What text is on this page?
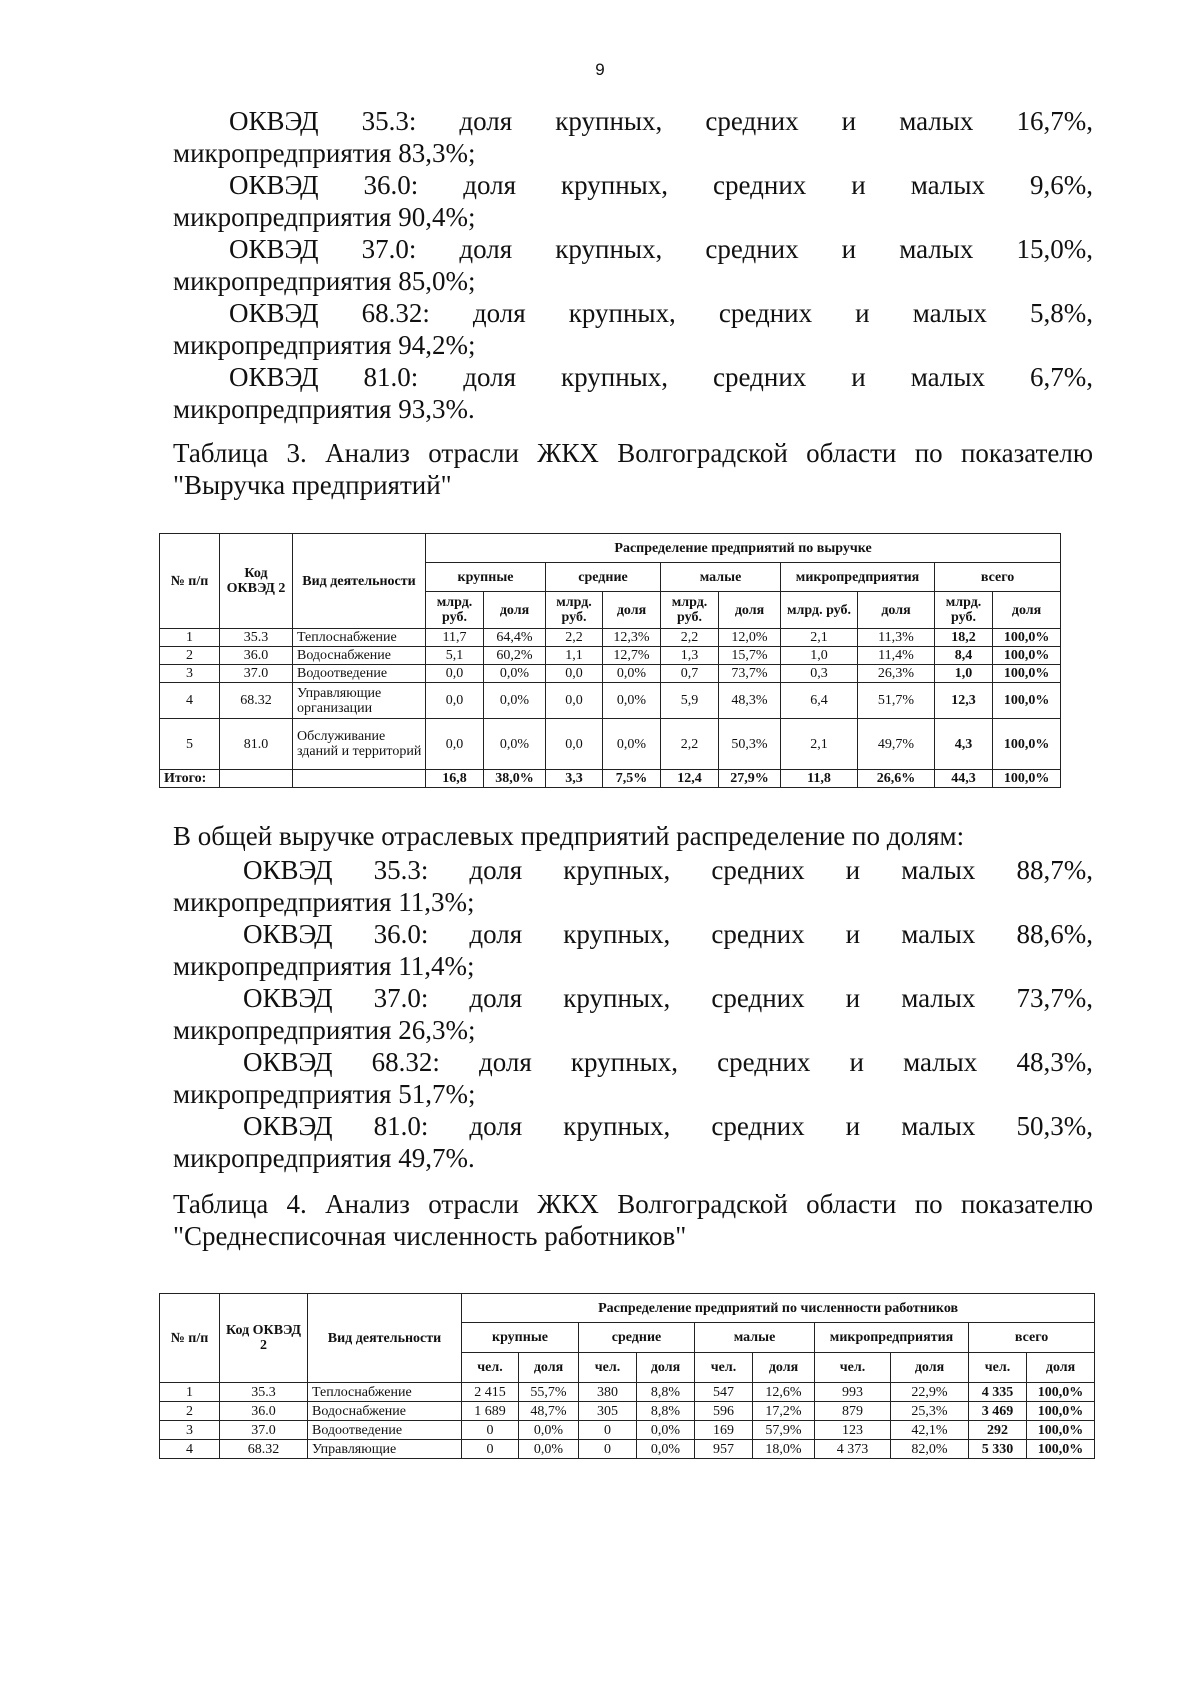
9
ОКВЭД 35.3: доля крупных, средних и малых 16,7%,
микропредприятия 83,3%;
ОКВЭД 36.0: доля крупных, средних и малых 9,6%,
микропредприятия 90,4%;
ОКВЭД 37.0: доля крупных, средних и малых 15,0%,
микропредприятия 85,0%;
ОКВЭД 68.32: доля крупных, средних и малых 5,8%,
микропредприятия 94,2%;
ОКВЭД 81.0: доля крупных, средних и малых 6,7%,
микропредприятия 93,3%.
Таблица 3. Анализ отрасли ЖКХ Волгоградской области по показателю "Выручка предприятий"
№ п/п	Код ОКВЭД 2	Вид деятельности	Распределение предприятий по выручке									
			крупные		средние		малые		микропредприятия		всего	
			млрд. руб.	доля	млрд. руб.	доля	млрд. руб.	доля	млрд. руб.	доля	млрд. руб.	доля
1	35.3	Теплоснабжение	11,7	64,4%	2,2	12,3%	2,2	12,0%	2,1	11,3%	18,2	100,0%
2	36.0	Водоснабжение	5,1	60,2%	1,1	12,7%	1,3	15,7%	1,0	11,4%	8,4	100,0%
3	37.0	Водоотведение	0,0	0,0%	0,0	0,0%	0,7	73,7%	0,3	26,3%	1,0	100,0%
4	68.32	Управляющие организации	0,0	0,0%	0,0	0,0%	5,9	48,3%	6,4	51,7%	12,3	100,0%
5	81.0	Обслуживание зданий и территорий	0,0	0,0%	0,0	0,0%	2,2	50,3%	2,1	49,7%	4,3	100,0%
Итого:			16,8	38,0%	3,3	7,5%	12,4	27,9%	11,8	26,6%	44,3	100,0%
В общей выручке отраслевых предприятий распределение по долям:
ОКВЭД 35.3: доля крупных, средних и малых 88,7%,
микропредприятия 11,3%;
ОКВЭД 36.0: доля крупных, средних и малых 88,6%,
микропредприятия 11,4%;
ОКВЭД 37.0: доля крупных, средних и малых 73,7%,
микропредприятия 26,3%;
ОКВЭД 68.32: доля крупных, средних и малых 48,3%,
микропредприятия 51,7%;
ОКВЭД 81.0: доля крупных, средних и малых 50,3%,
микропредприятия 49,7%.
Таблица 4. Анализ отрасли ЖКХ Волгоградской области по показателю "Среднесписочная численность работников"
№ п/п	Код ОКВЭД 2	Вид деятельности	Распределение предприятий по численности работников									
			крупные		средние		малые		микропредприятия		всего	
			чел.	доля	чел.	доля	чел.	доля	чел.	доля	чел.	доля
1	35.3	Теплоснабжение	2 415	55,7%	380	8,8%	547	12,6%	993	22,9%	4 335	100,0%
2	36.0	Водоснабжение	1 689	48,7%	305	8,8%	596	17,2%	879	25,3%	3 469	100,0%
3	37.0	Водоотведение	0	0,0%	0	0,0%	169	57,9%	123	42,1%	292	100,0%
4	68.32	Управляющие	0	0,0%	0	0,0%	957	18,0%	4 373	82,0%	5 330	100,0%
